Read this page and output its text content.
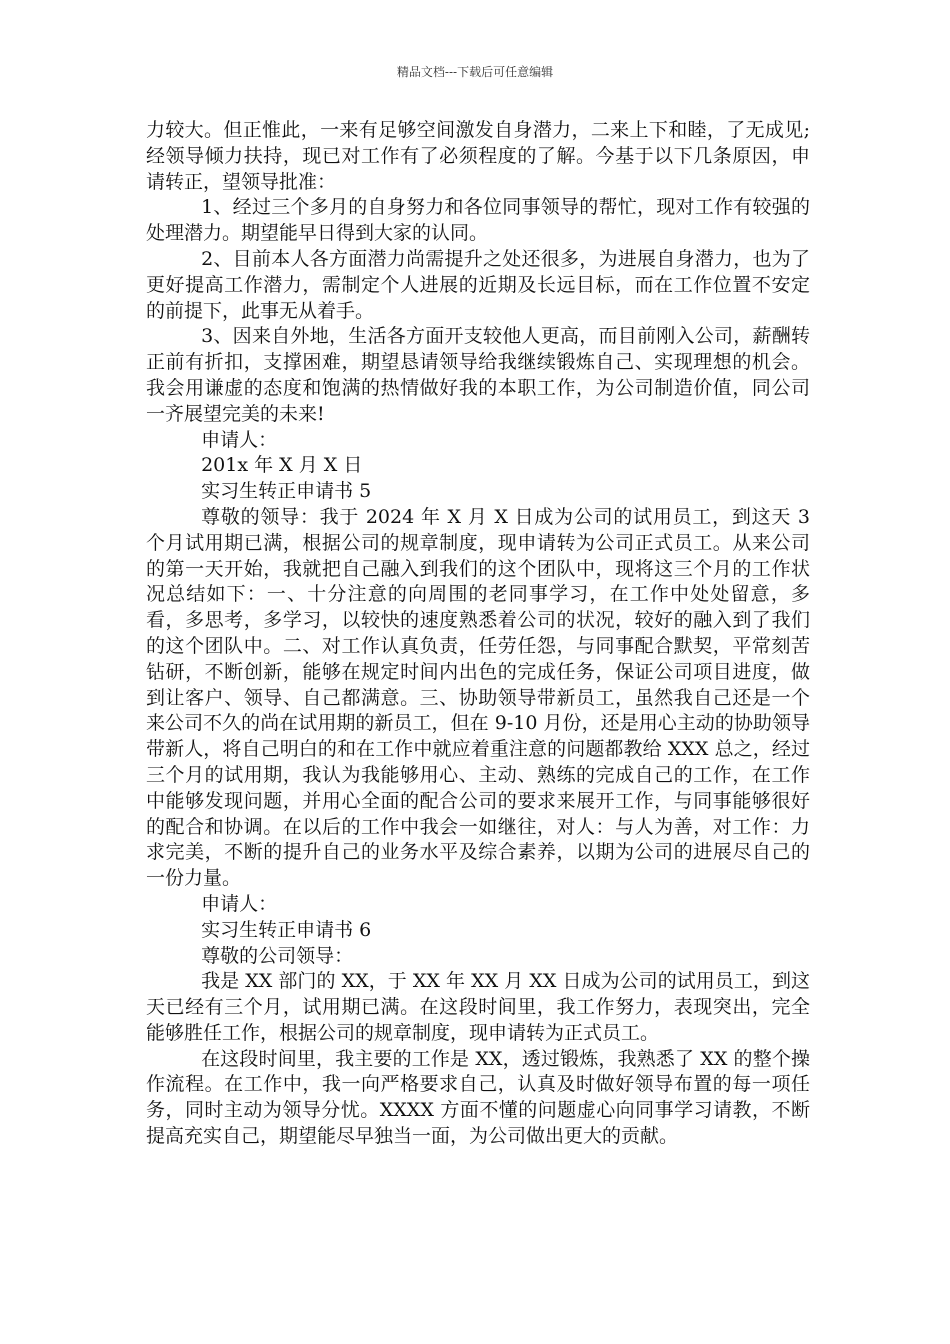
精品文档---下载后可任意编辑

力较大。但正惟此，一来有足够空间激发自身潜力，二来上下和睦，了无成见;经领导倾力扶持，现已对工作有了必须程度的了解。今基于以下几条原因，申请转正，望领导批准：

1、经过三个多月的自身努力和各位同事领导的帮忙，现对工作有较强的处理潜力。期望能早日得到大家的认同。

2、目前本人各方面潜力尚需提升之处还很多，为进展自身潜力，也为了更好提高工作潜力，需制定个人进展的近期及长远目标，而在工作位置不安定的前提下，此事无从着手。

3、因来自外地，生活各方面开支较他人更高，而目前刚入公司，薪酬转正前有折扣，支撑困难，期望恳请领导给我继续锻炼自己、实现理想的机会。我会用谦虚的态度和饱满的热情做好我的本职工作，为公司制造价值，同公司一齐展望完美的未来!

申请人：

201x 年 X 月 X 日

实习生转正申请书 5

尊敬的领导：我于 2024 年 X 月 X 日成为公司的试用员工，到这天 3 个月试用期已满，根据公司的规章制度，现申请转为公司正式员工。从来公司的第一天开始，我就把自己融入到我们的这个团队中，现将这三个月的工作状况总结如下：一、十分注意的向周围的老同事学习，在工作中处处留意，多看，多思考，多学习，以较快的速度熟悉着公司的状况，较好的融入到了我们的这个团队中。二、对工作认真负责，任劳任怨，与同事配合默契，平常刻苦钻研，不断创新，能够在规定时间内出色的完成任务，保证公司项目进度，做到让客户、领导、自己都满意。三、协助领导带新员工，虽然我自己还是一个来公司不久的尚在试用期的新员工，但在 9-10 月份，还是用心主动的协助领导带新人，将自己明白的和在工作中就应着重注意的问题都教给 XXX 总之，经过三个月的试用期，我认为我能够用心、主动、熟练的完成自己的工作，在工作中能够发现问题，并用心全面的配合公司的要求来展开工作，与同事能够很好的配合和协调。在以后的工作中我会一如继往，对人：与人为善，对工作：力求完美，不断的提升自己的业务水平及综合素养，以期为公司的进展尽自己的一份力量。

申请人：

实习生转正申请书 6

尊敬的公司领导：

我是 XX 部门的 XX，于 XX 年 XX 月 XX 日成为公司的试用员工，到这天已经有三个月，试用期已满。在这段时间里，我工作努力，表现突出，完全能够胜任工作，根据公司的规章制度，现申请转为正式员工。

在这段时间里，我主要的工作是 XX，透过锻炼，我熟悉了 XX 的整个操作流程。在工作中，我一向严格要求自己，认真及时做好领导布置的每一项任务，同时主动为领导分忧。XXXX 方面不懂的问题虚心向同事学习请教，不断提高充实自己，期望能尽早独当一面，为公司做出更大的贡献。
